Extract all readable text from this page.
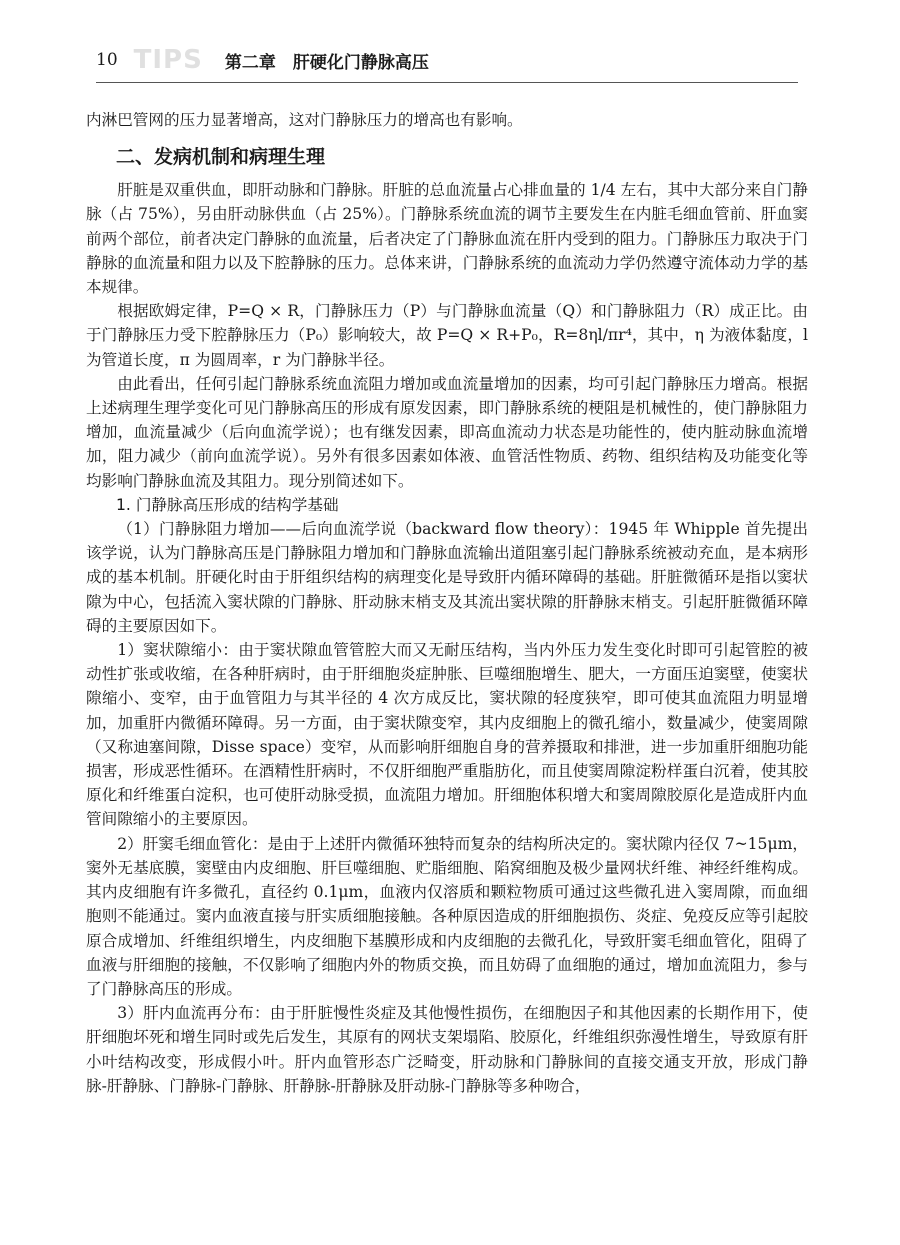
10 TIPS 第二章　肝硬化门静脉高压

内淋巴管网的压力显著增高，这对门静脉压力的增高也有影响。

二、发病机制和病理生理

肝脏是双重供血，即肝动脉和门静脉。肝脏的总血流量占心排血量的 1/4 左右，其中大部分来自门静脉（占 75%），另由肝动脉供血（占 25%）。门静脉系统血流的调节主要发生在内脏毛细血管前、肝血窦前两个部位，前者决定门静脉的血流量，后者决定了门静脉血流在肝内受到的阻力。门静脉压力取决于门静脉的血流量和阻力以及下腔静脉的压力。总体来讲，门静脉系统的血流动力学仍然遵守流体动力学的基本规律。

根据欧姆定律，P=Q × R，门静脉压力（P）与门静脉血流量（Q）和门静脉阻力（R）成正比。由于门静脉压力受下腔静脉压力（P₀）影响较大，故 P=Q × R+P₀，R=8ηl/πr⁴，其中，η 为液体黏度，l 为管道长度，π 为圆周率，r 为门静脉半径。

由此看出，任何引起门静脉系统血流阻力增加或血流量增加的因素，均可引起门静脉压力增高。根据上述病理生理学变化可见门静脉高压的形成有原发因素，即门静脉系统的梗阻是机械性的，使门静脉阻力增加，血流量减少（后向血流学说）；也有继发因素，即高血流动力状态是功能性的，使内脏动脉血流增加，阻力减少（前向血流学说）。另外有很多因素如体液、血管活性物质、药物、组织结构及功能变化等均影响门静脉血流及其阻力。现分别简述如下。

1. 门静脉高压形成的结构学基础

（1）门静脉阻力增加——后向血流学说（backward flow theory）：1945 年 Whipple 首先提出该学说，认为门静脉高压是门静脉阻力增加和门静脉血流输出道阻塞引起门静脉系统被动充血，是本病形成的基本机制。肝硬化时由于肝组织结构的病理变化是导致肝内循环障碍的基础。肝脏微循环是指以窦状隙为中心，包括流入窦状隙的门静脉、肝动脉末梢支及其流出窦状隙的肝静脉末梢支。引起肝脏微循环障碍的主要原因如下。

1）窦状隙缩小：由于窦状隙血管管腔大而又无耐压结构，当内外压力发生变化时即可引起管腔的被动性扩张或收缩，在各种肝病时，由于肝细胞炎症肿胀、巨噬细胞增生、肥大，一方面压迫窦壁，使窦状隙缩小、变窄，由于血管阻力与其半径的 4 次方成反比，窦状隙的轻度狭窄，即可使其血流阻力明显增加，加重肝内微循环障碍。另一方面，由于窦状隙变窄，其内皮细胞上的微孔缩小，数量减少，使窦周隙（又称迪塞间隙，Disse space）变窄，从而影响肝细胞自身的营养摄取和排泄，进一步加重肝细胞功能损害，形成恶性循环。在酒精性肝病时，不仅肝细胞严重脂肪化，而且使窦周隙淀粉样蛋白沉着，使其胶原化和纤维蛋白淀积，也可使肝动脉受损，血流阻力增加。肝细胞体积增大和窦周隙胶原化是造成肝内血管间隙缩小的主要原因。

2）肝窦毛细血管化：是由于上述肝内微循环独特而复杂的结构所决定的。窦状隙内径仅 7~15μm，窦外无基底膜，窦壁由内皮细胞、肝巨噬细胞、贮脂细胞、陷窝细胞及极少量网状纤维、神经纤维构成。其内皮细胞有许多微孔，直径约 0.1μm，血液内仅溶质和颗粒物质可通过这些微孔进入窦周隙，而血细胞则不能通过。窦内血液直接与肝实质细胞接触。各种原因造成的肝细胞损伤、炎症、免疫反应等引起胶原合成增加、纤维组织增生，内皮细胞下基膜形成和内皮细胞的去微孔化，导致肝窦毛细血管化，阻碍了血液与肝细胞的接触，不仅影响了细胞内外的物质交换，而且妨碍了血细胞的通过，增加血流阻力，参与了门静脉高压的形成。

3）肝内血流再分布：由于肝脏慢性炎症及其他慢性损伤，在细胞因子和其他因素的长期作用下，使肝细胞坏死和增生同时或先后发生，其原有的网状支架塌陷、胶原化，纤维组织弥漫性增生，导致原有肝小叶结构改变，形成假小叶。肝内血管形态广泛畸变，肝动脉和门静脉间的直接交通支开放，形成门静脉-肝静脉、门静脉-门静脉、肝静脉-肝静脉及肝动脉-门静脉等多种吻合，
